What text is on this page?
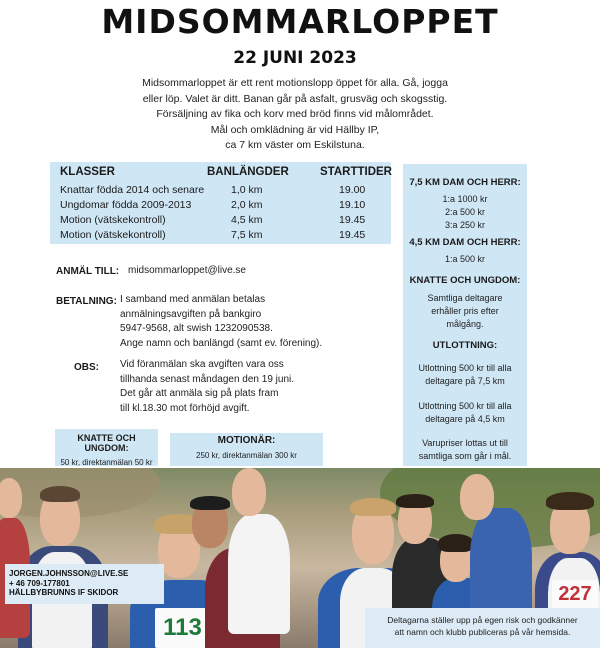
MIDSOMMARLOPPET
22 JUNI 2023
Midsommarloppet är ett rent motionslopp öppet för alla. Gå, jogga
eller löp. Valet är ditt. Banan går på asfalt, grusväg och skogsstig.
Försäljning av fika och korv med bröd finns vid målområdet.
Mål och omklädning är vid Hällby IP,
ca 7 km väster om Eskilstuna.
KLASSER	BANLÄNGDER	STARTTIDER
Knattar födda 2014 och senare	1,0 km	19.00
Ungdomar födda 2009-2013	2,0 km	19.10
Motion (vätskekontroll)	4,5 km	19.45
Motion (vätskekontroll)	7,5 km	19.45
ANMÄL TILL: midsommarloppet@live.se
BETALNING: I samband med anmälan betalas
anmälningsavgiften på bankgiro
5947-9568, alt swish 1232090538.
Ange namn och banlängd (samt ev. förening).
OBS: Vid föranmälan ska avgiften vara oss
tillhanda senast måndagen den 19 juni.
Det går att anmäla sig på plats fram
till kl.18.30 mot förhöjd avgift.
KNATTE OCH UNGDOM:
50 kr, direktanmälan 50 kr
MOTIONÄR:
250 kr, direktanmälan 300 kr
7,5 KM DAM OCH HERR:
1:a 1000 kr
2:a 500 kr
3:a 250 kr
4,5 KM DAM OCH HERR:
1:a 500 kr
KNATTE OCH UNGDOM:
Samtliga deltagare
erhåller pris efter
målgång.
UTLOTTNING:
Utlottning 500 kr till alla
deltagare på 7,5 km
Utlottning 500 kr till alla
deltagare på 4,5 km
Varupriser lottas ut till
samtliga som går i mål.
113
227
JORGEN.JOHNSSON@LIVE.SE
+ 46 709-177801
HÄLLBYBRUNNS IF SKIDOR
Deltagarna ställer upp på egen risk och godkänner
att namn och klubb publiceras på vår hemsida.
